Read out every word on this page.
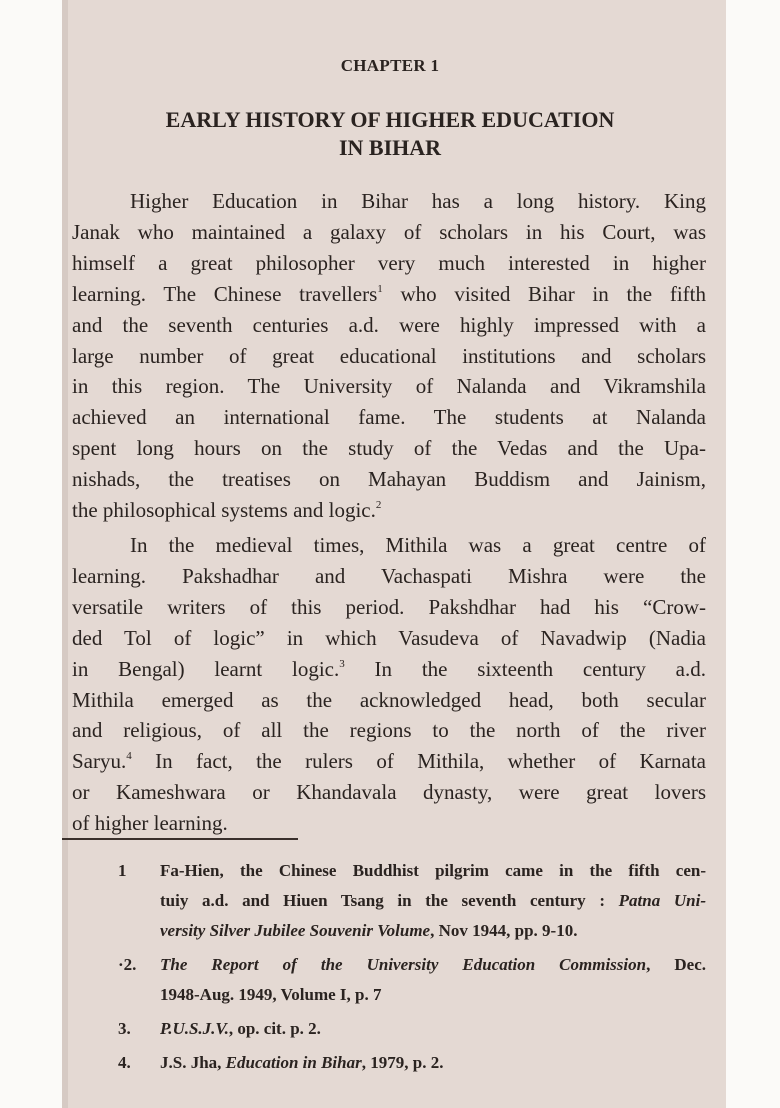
CHAPTER 1
EARLY HISTORY OF HIGHER EDUCATION
IN BIHAR
Higher Education in Bihar has a long history. King
Janak who maintained a galaxy of scholars in his Court, was
himself a great philosopher very much interested in higher
learning. The Chinese travellers$^1$ who visited Bihar in the fifth
and the seventh centuries a.d. were highly impressed with a
large number of great educational institutions and scholars
in this region. The University of Nalanda and Vikramshila
achieved an international fame. The students at Nalanda
spent long hours on the study of the Vedas and the Upa-
nishads, the treatises on Mahayan Buddism and Jainism,
the philosophical systems and logic.$^2$
In the medieval times, Mithila was a great centre of
learning. Pakshadhar and Vachaspati Mishra were the
versatile writers of this period. Pakshdhar had his “Crow-
ded Tol of logic” in which Vasudeva of Navadwip (Nadia
in Bengal) learnt logic.$^3$ In the sixteenth century a.d.
Mithila emerged as the acknowledged head, both secular
and religious, of all the regions to the north of the river
Saryu.$^4$ In fact, the rulers of Mithila, whether of Karnata
or Kameshwara or Khandavala dynasty, were great lovers
of higher learning.
1 Fa-Hien, the Chinese Buddhist pilgrim came in the fifth cen-
tuiy a.d. and Hiuen Tsang in the seventh century : Patna Uni-
versity Silver Jubilee Souvenir Volume, Nov 1944, pp. 9-10.
·2. The Report of the University Education Commission, Dec.
1948-Aug. 1949, Volume I, p. 7
3. P.U.S.J.V., op. cit. p. 2.
4. J.S. Jha, Education in Bihar, 1979, p. 2.
